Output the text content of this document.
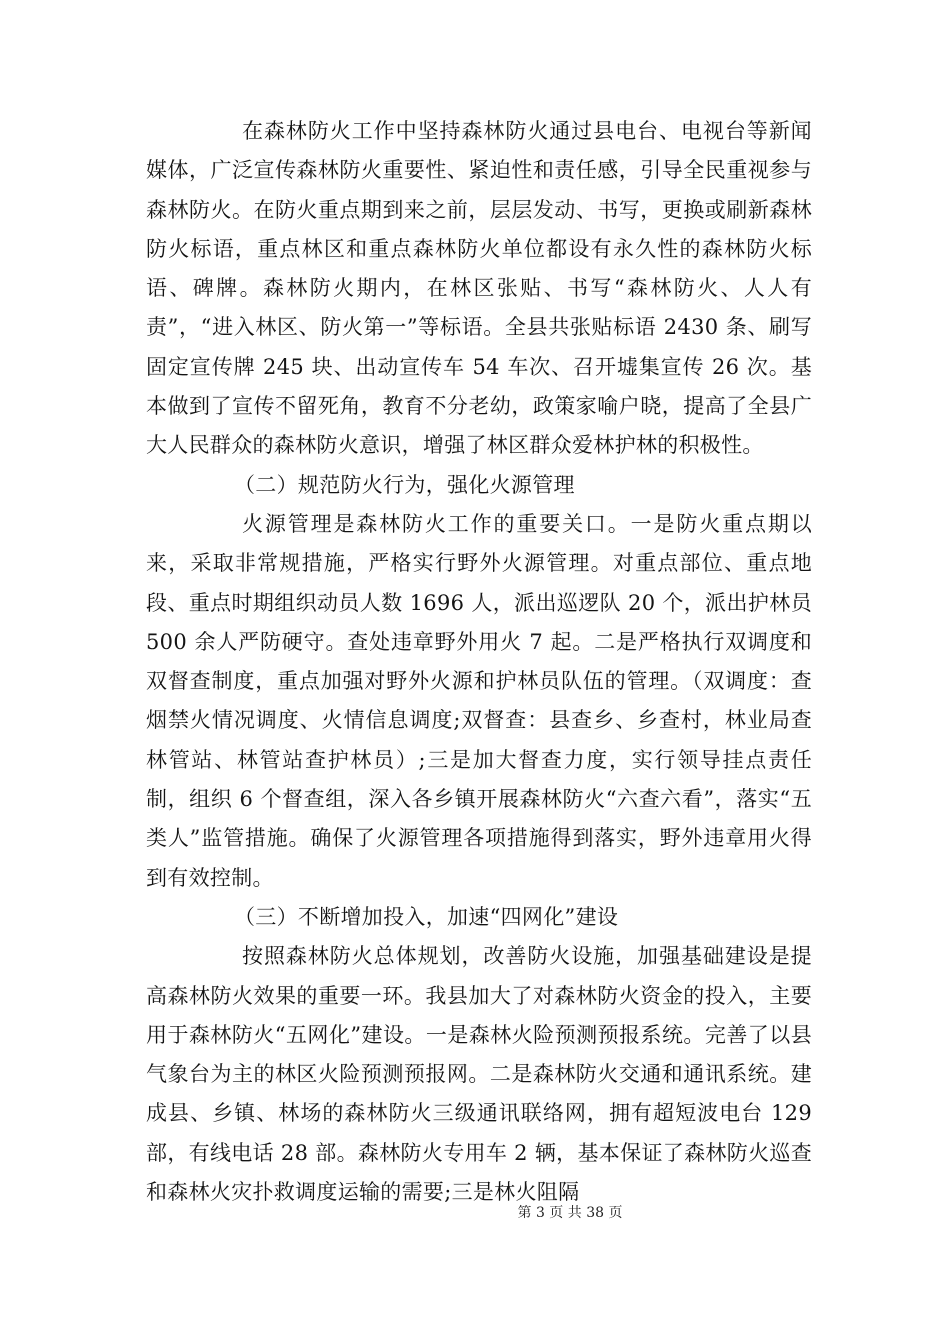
在森林防火工作中坚持森林防火通过县电台、电视台等新闻媒体，广泛宣传森林防火重要性、紧迫性和责任感，引导全民重视参与森林防火。在防火重点期到来之前，层层发动、书写，更换或刷新森林防火标语，重点林区和重点森林防火单位都设有永久性的森林防火标语、碑牌。森林防火期内，在林区张贴、书写“森林防火、人人有责”，“进入林区、防火第一”等标语。全县共张贴标语 2430 条、刷写固定宣传牌 245 块、出动宣传车 54 车次、召开墟集宣传 26 次。基本做到了宣传不留死角，教育不分老幼，政策家喻户晓，提高了全县广大人民群众的森林防火意识，增强了林区群众爱林护林的积极性。

（二）规范防火行为，强化火源管理

火源管理是森林防火工作的重要关口。一是防火重点期以来，采取非常规措施，严格实行野外火源管理。对重点部位、重点地段、重点时期组织动员人数 1696 人，派出巡逻队 20 个，派出护林员 500 余人严防硬守。查处违章野外用火 7 起。二是严格执行双调度和双督查制度，重点加强对野外火源和护林员队伍的管理。（双调度：查烟禁火情况调度、火情信息调度;双督查：县查乡、乡查村，林业局查林管站、林管站查护林员）;三是加大督查力度，实行领导挂点责任制，组织 6 个督查组，深入各乡镇开展森林防火“六查六看”，落实“五类人”监管措施。确保了火源管理各项措施得到落实，野外违章用火得到有效控制。

（三）不断增加投入，加速“四网化”建设

按照森林防火总体规划，改善防火设施，加强基础建设是提高森林防火效果的重要一环。我县加大了对森林防火资金的投入，主要用于森林防火“五网化”建设。一是森林火险预测预报系统。完善了以县气象台为主的林区火险预测预报网。二是森林防火交通和通讯系统。建成县、乡镇、林场的森林防火三级通讯联络网，拥有超短波电台 129 部，有线电话 28 部。森林防火专用车 2 辆，基本保证了森林防火巡查和森林火灾扑救调度运输的需要;三是林火阻隔

第 3 页 共 38 页
